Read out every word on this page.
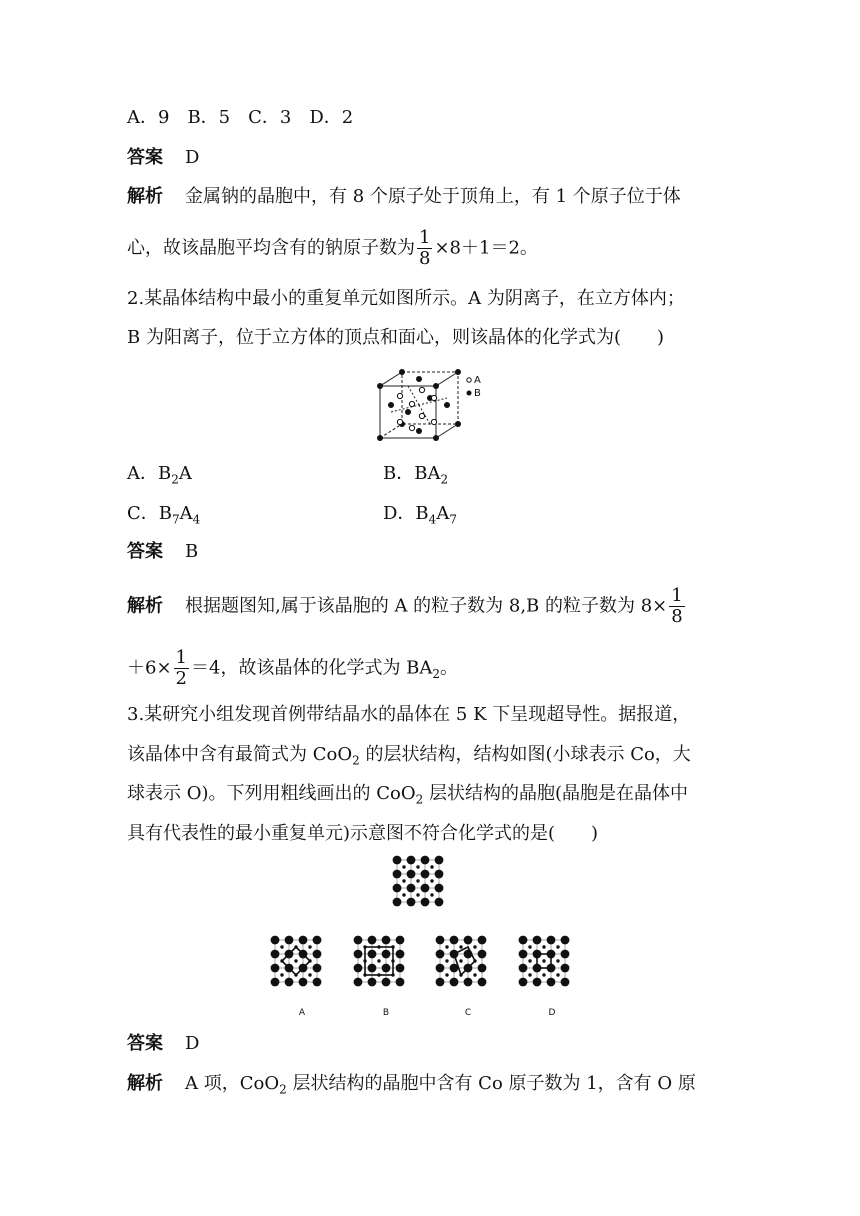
A．9　B．5　C．3　D．2
答案 D
解析 金属钠的晶胞中，有 8 个原子处于顶角上，有 1 个原子位于体
心，故该晶胞平均含有的钠原子数为 $\frac{1}{8} \times 8+1=2$。
2.某晶体结构中最小的重复单元如图所示。A 为阴离子，在立方体内；
B 为阳离子，位于立方体的顶点和面心，则该晶体的化学式为(　　)
A
B
A．$B_2A$	B．$BA_2$
C．$B_7A_4$	D．$B_4A_7$
答案 B
解析 根据题图知,属于该晶胞的 A 的粒子数为 8,B 的粒子数为 $8\times \frac{1}{8}$
$+6\times \frac{1}{2} =4$，故该晶体的化学式为 $BA_2$。
3.某研究小组发现首例带结晶水的晶体在 5 K 下呈现超导性。据报道，
该晶体中含有最简式为 CoO$_2$ 的层状结构，结构如图(小球表示 Co，大
球表示 O)。下列用粗线画出的 CoO$_2$ 层状结构的晶胞(晶胞是在晶体中
具有代表性的最小重复单元)示意图不符合化学式的是(　　)
A	B	C	D
答案 D
解析 A 项，CoO$_2$ 层状结构的晶胞中含有 Co 原子数为 1，含有 O 原
